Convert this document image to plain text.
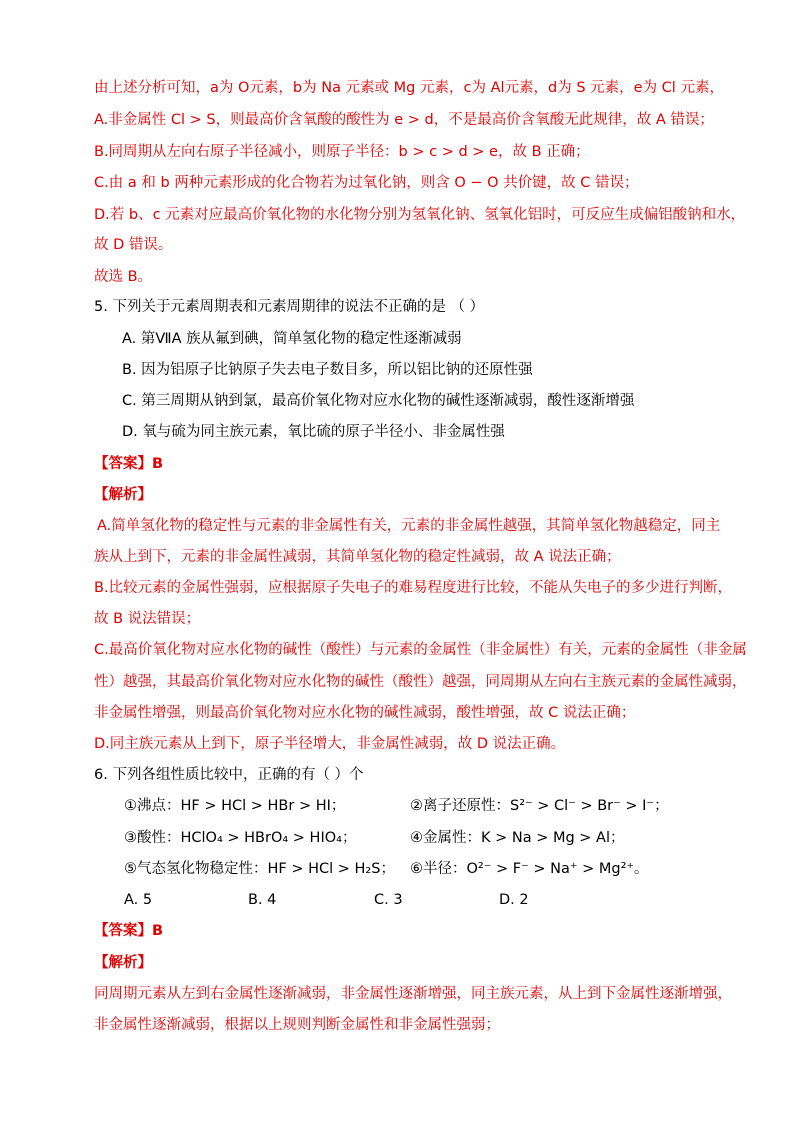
由上述分析可知，a为 O元素，b为 Na 元素或 Mg 元素，c为 Al元素，d为 S 元素，e为 Cl 元素，
A.非金属性 Cl > S，则最高价含氧酸的酸性为 e > d，不是最高价含氧酸无此规律，故 A 错误；
B.同周期从左向右原子半径减小，则原子半径：b > c > d > e，故 B 正确；
C.由 a 和 b 两种元素形成的化合物若为过氧化钠，则含 O − O 共价键，故 C 错误；
D.若 b、c 元素对应最高价氧化物的水化物分别为氢氧化钠、氢氧化铝时，可反应生成偏铝酸钠和水，
故 D 错误。
故选 B。
5. 下列关于元素周期表和元素周期律的说法不正确的是 （ ）
A. 第ⅦA 族从氟到碘，简单氢化物的稳定性逐渐减弱
B. 因为铝原子比钠原子失去电子数目多，所以铝比钠的还原性强
C. 第三周期从钠到氯，最高价氧化物对应水化物的碱性逐渐减弱，酸性逐渐增强
D. 氧与硫为同主族元素，氧比硫的原子半径小、非金属性强
【答案】B
【解析】
A.简单氢化物的稳定性与元素的非金属性有关，元素的非金属性越强，其简单氢化物越稳定，同主
族从上到下，元素的非金属性减弱，其简单氢化物的稳定性减弱，故 A 说法正确；
B.比较元素的金属性强弱，应根据原子失电子的难易程度进行比较，不能从失电子的多少进行判断，
故 B 说法错误；
C.最高价氧化物对应水化物的碱性（酸性）与元素的金属性（非金属性）有关，元素的金属性（非金属
性）越强，其最高价氧化物对应水化物的碱性（酸性）越强，同周期从左向右主族元素的金属性减弱，
非金属性增强，则最高价氧化物对应水化物的碱性减弱，酸性增强，故 C 说法正确；
D.同主族元素从上到下，原子半径增大，非金属性减弱，故 D 说法正确。
6. 下列各组性质比较中，正确的有（ ）个
①沸点：HF > HCl > HBr > HI；	②离子还原性：S²⁻ > Cl⁻ > Br⁻ > I⁻；
③酸性：HClO₄ > HBrO₄ > HIO₄；	④金属性：K > Na > Mg > Al；
⑤气态氢化物稳定性：HF > HCl > H₂S； ⑥半径：O²⁻ > F⁻ > Na⁺ > Mg²⁺。
A. 5	B. 4	C. 3	D. 2
【答案】B
【解析】
同周期元素从左到右金属性逐渐减弱，非金属性逐渐增强，同主族元素，从上到下金属性逐渐增强，
非金属性逐渐减弱，根据以上规则判断金属性和非金属性强弱；
